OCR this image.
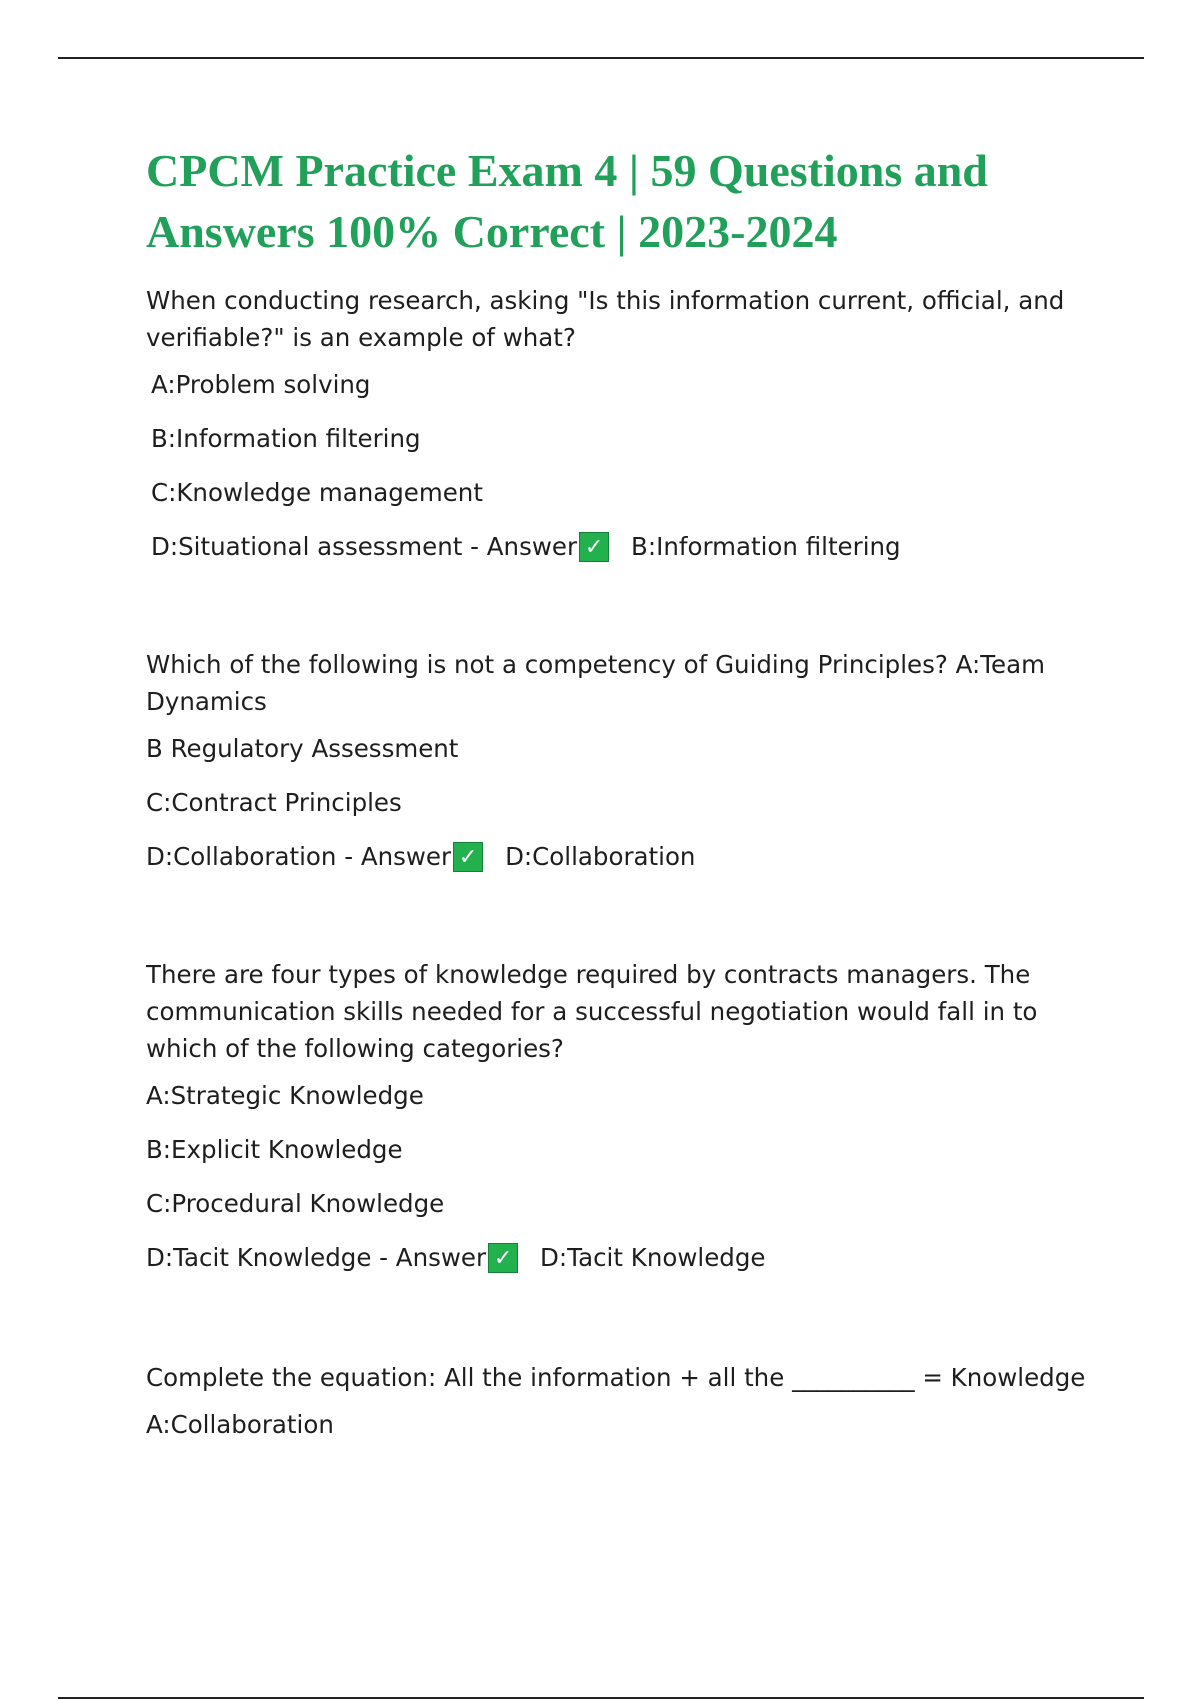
CPCM Practice Exam 4 | 59 Questions and Answers 100% Correct | 2023-2024

When conducting research, asking "Is this information current, official, and verifiable?" is an example of what?

A:Problem solving
B:Information filtering
C:Knowledge management
D:Situational assessment - Answer ✓ B:Information filtering

Which of the following is not a competency of Guiding Principles? A:Team Dynamics

B Regulatory Assessment
C:Contract Principles
D:Collaboration - Answer ✓ D:Collaboration

There are four types of knowledge required by contracts managers. The communication skills needed for a successful negotiation would fall in to which of the following categories?

A:Strategic Knowledge
B:Explicit Knowledge
C:Procedural Knowledge
D:Tacit Knowledge - Answer ✓ D:Tacit Knowledge

Complete the equation: All the information + all the __________ = Knowledge

A:Collaboration
